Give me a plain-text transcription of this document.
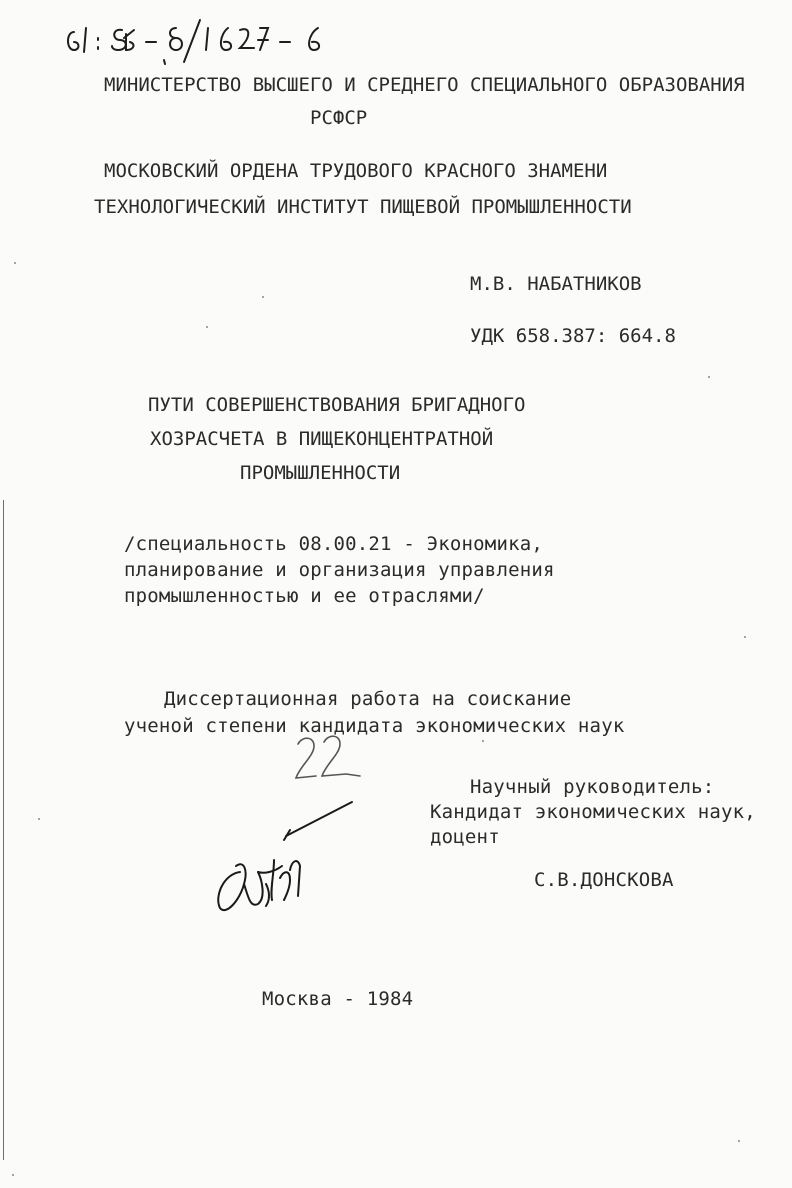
МИНИСТЕРСТВО ВЫСШЕГО И СРЕДНЕГО СПЕЦИАЛЬНОГО ОБРАЗОВАНИЯ
РСФСР
МОСКОВСКИЙ ОРДЕНА ТРУДОВОГО КРАСНОГО ЗНАМЕНИ
ТЕХНОЛОГИЧЕСКИЙ ИНСТИТУТ ПИЩЕВОЙ ПРОМЫШЛЕННОСТИ
М.В. НАБАТНИКОВ
УДК 658.387: 664.8
ПУТИ СОВЕРШЕНСТВОВАНИЯ БРИГАДНОГО
ХОЗРАСЧЕТА В ПИЩЕКОНЦЕНТРАТНОЙ
ПРОМЫШЛЕННОСТИ
/специальность 08.00.21 - Экономика,
планирование и организация управления
промышленностью и ее отраслями/
Диссертационная работа на соискание
ученой степени кандидата экономических наук
Научный руководитель:
Кандидат экономических наук,
доцент
С.В.ДОНСКОВА
Москва - 1984
